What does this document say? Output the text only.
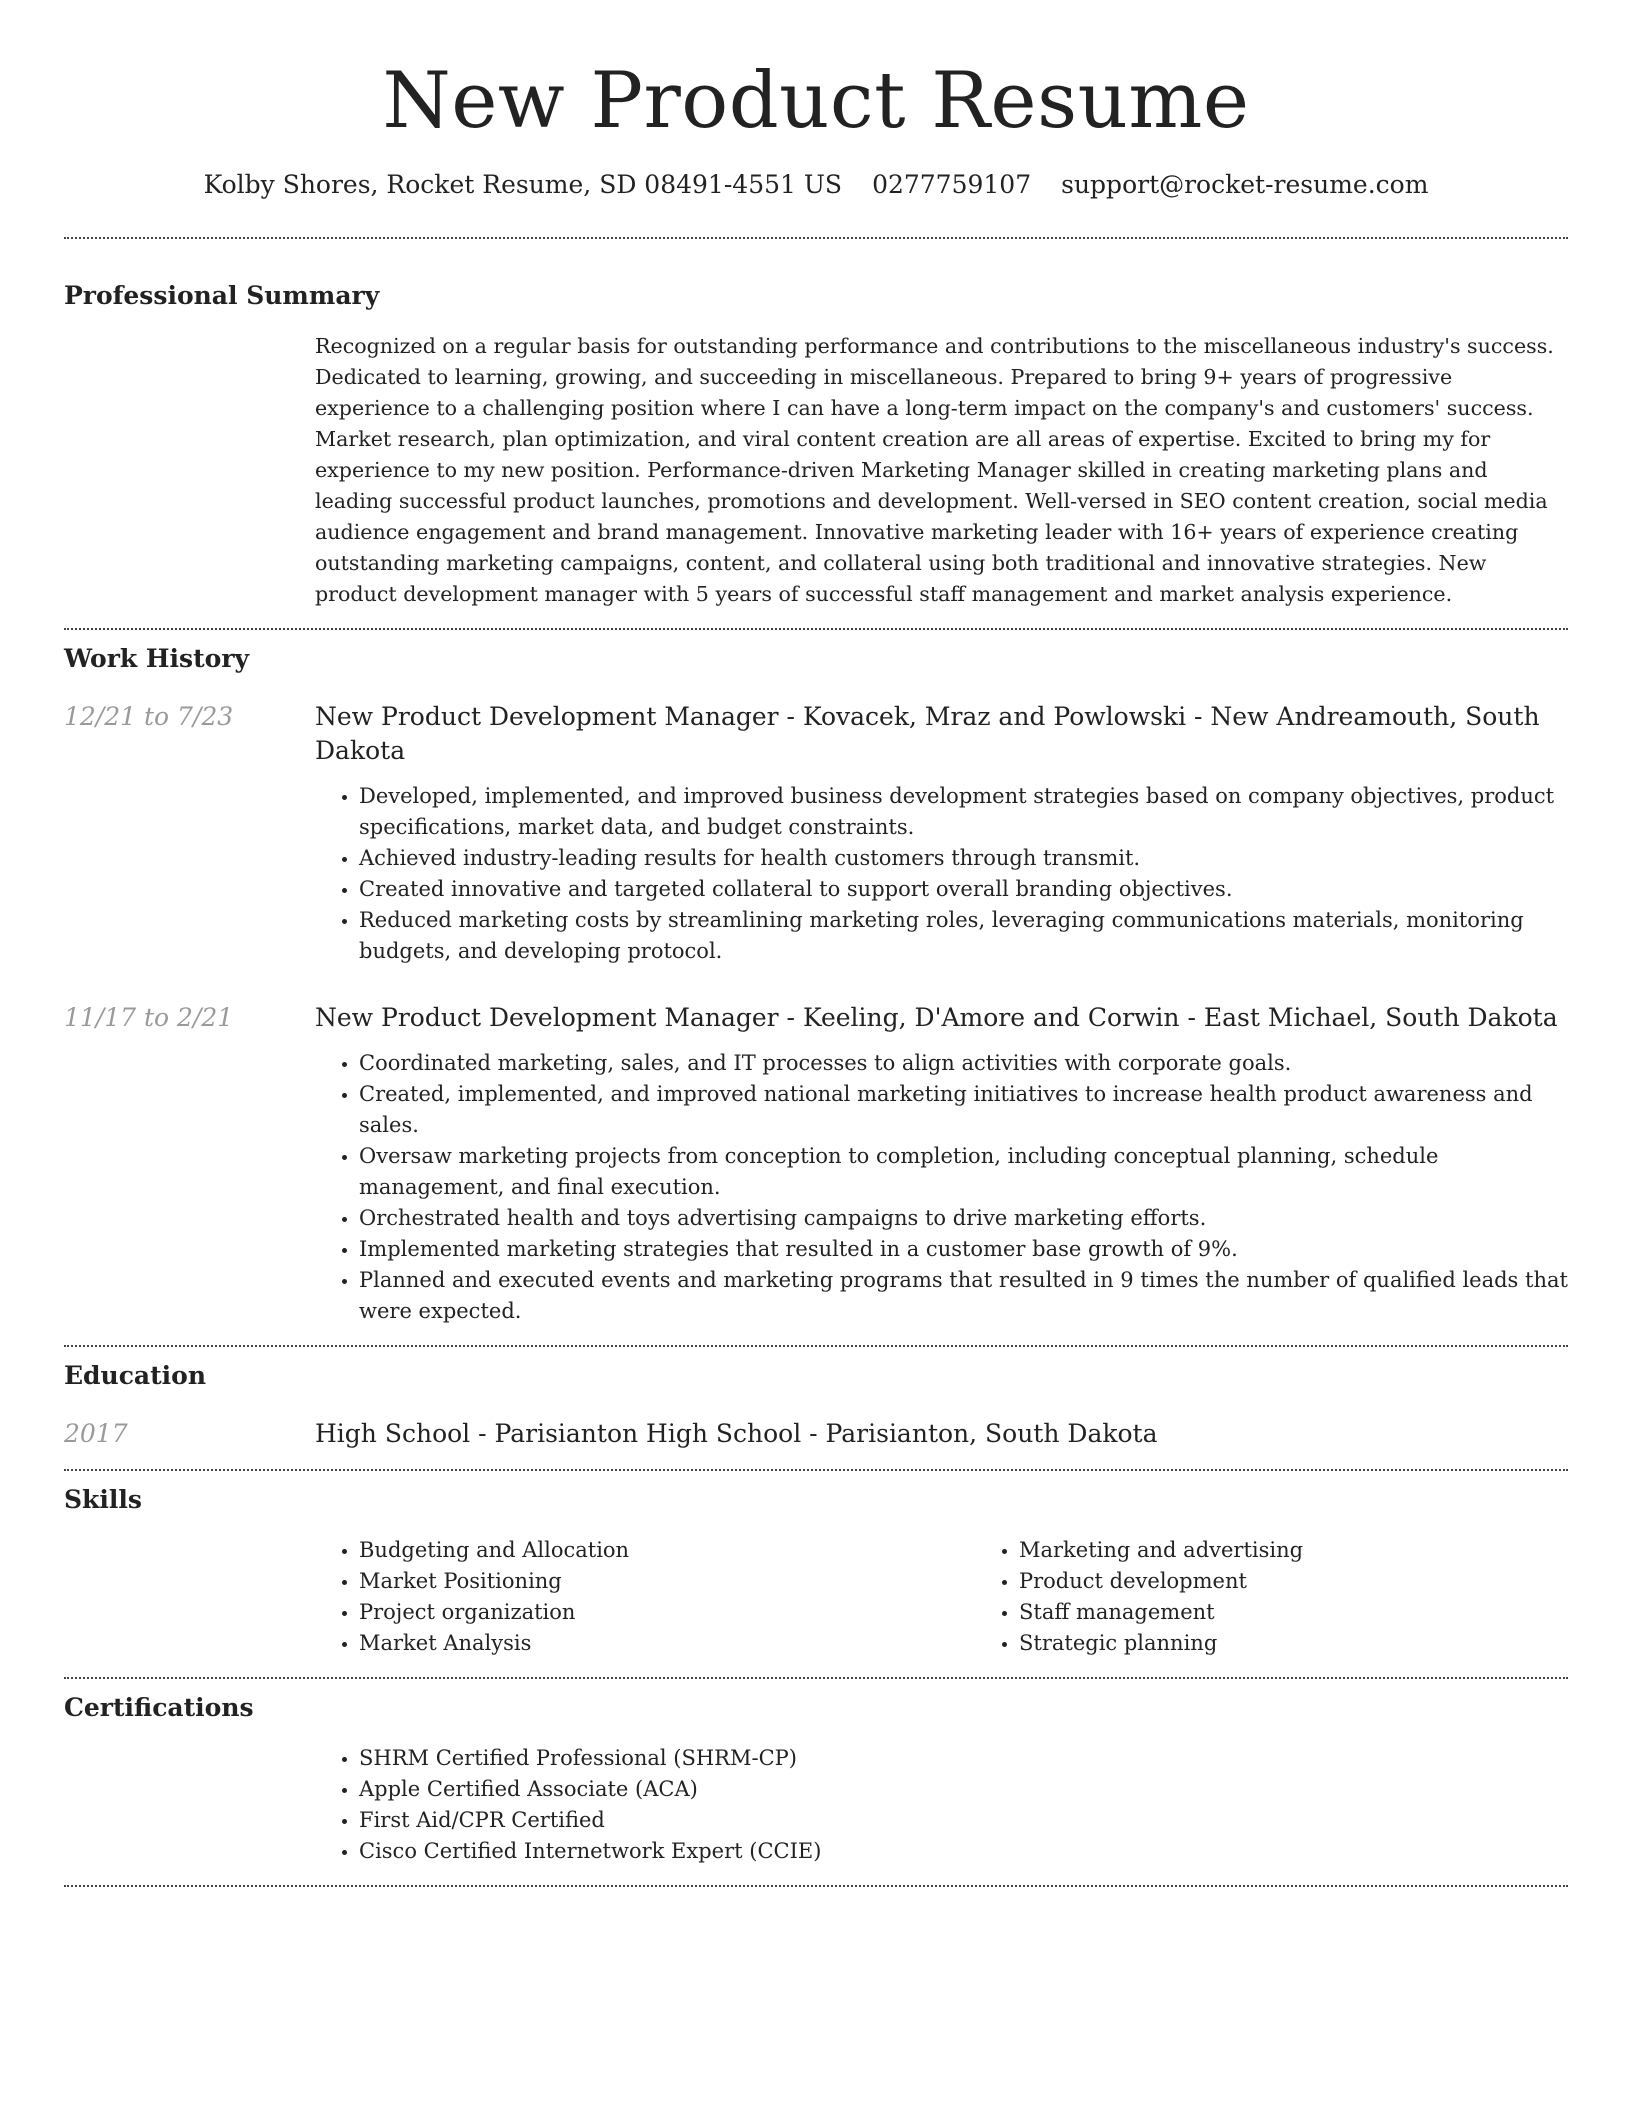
New Product Resume
Kolby Shores, Rocket Resume, SD 08491-4551 US 0277759107 support@rocket-resume.com
Professional Summary

Recognized on a regular basis for outstanding performance and contributions to the miscellaneous industry's success. Dedicated to learning, growing, and succeeding in miscellaneous. Prepared to bring 9+ years of progressive experience to a challenging position where I can have a long-term impact on the company's and customers' success. Market research, plan optimization, and viral content creation are all areas of expertise. Excited to bring my for experience to my new position. Performance-driven Marketing Manager skilled in creating marketing plans and leading successful product launches, promotions and development. Well-versed in SEO content creation, social media audience engagement and brand management. Innovative marketing leader with 16+ years of experience creating outstanding marketing campaigns, content, and collateral using both traditional and innovative strategies. New product development manager with 5 years of successful staff management and market analysis experience.

Work History
12/21 to 7/23	New Product Development Manager - Kovacek, Mraz and Powlowski - New Andreamouth, South Dakota
• Developed, implemented, and improved business development strategies based on company objectives, product specifications, market data, and budget constraints.
• Achieved industry-leading results for health customers through transmit.
• Created innovative and targeted collateral to support overall branding objectives.
• Reduced marketing costs by streamlining marketing roles, leveraging communications materials, monitoring budgets, and developing protocol.
11/17 to 2/21	New Product Development Manager - Keeling, D'Amore and Corwin - East Michael, South Dakota
• Coordinated marketing, sales, and IT processes to align activities with corporate goals.
• Created, implemented, and improved national marketing initiatives to increase health product awareness and sales.
• Oversaw marketing projects from conception to completion, including conceptual planning, schedule management, and final execution.
• Orchestrated health and toys advertising campaigns to drive marketing efforts.
• Implemented marketing strategies that resulted in a customer base growth of 9%.
• Planned and executed events and marketing programs that resulted in 9 times the number of qualified leads that were expected.
Education
2017	High School - Parisianton High School - Parisianton, South Dakota
Skills
• Budgeting and Allocation
• Market Positioning
• Project organization
• Market Analysis
• Marketing and advertising
• Product development
• Staff management
• Strategic planning
Certifications
• SHRM Certified Professional (SHRM-CP)
• Apple Certified Associate (ACA)
• First Aid/CPR Certified
• Cisco Certified Internetwork Expert (CCIE)
